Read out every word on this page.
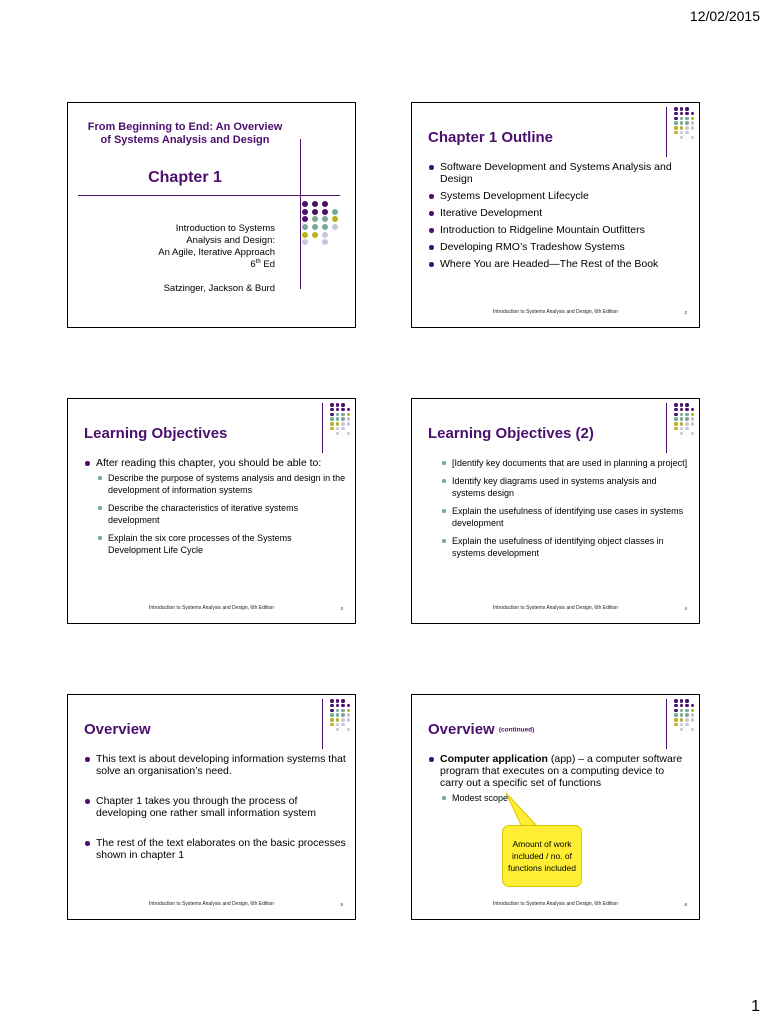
12/02/2015
From Beginning to End: An Overview
of Systems Analysis and Design
Chapter 1
Introduction to Systems
Analysis and Design:
An Agile, Iterative Approach
6th Ed
Satzinger, Jackson & Burd
Chapter 1 Outline
Software Development and Systems Analysis and Design
Systems Development Lifecycle
Iterative Development
Introduction to Ridgeline Mountain Outfitters
Developing RMO’s Tradeshow Systems
Where You are Headed—The Rest of the Book
Introduction to Systems Analysis and Design, 6th Edition	2
Learning Objectives
After reading this chapter, you should be able to:
Describe the purpose of systems analysis and design in the development of information systems
Describe the characteristics of iterative systems development
Explain the six core processes of the Systems Development Life Cycle
Introduction to Systems Analysis and Design, 6th Edition	3
Learning Objectives (2)
[Identify key documents that are used in planning a project]
Identify key diagrams used in systems analysis and systems design
Explain the usefulness of identifying use cases in systems development
Explain the usefulness of identifying object classes in systems development
Introduction to Systems Analysis and Design, 6th Edition	4
Overview
This text is about developing information systems that solve an organisation’s need.
Chapter 1 takes you through the process of developing one rather small information system
The rest of the text elaborates on the basic processes shown in chapter 1
Introduction to Systems Analysis and Design, 6th Edition	5
Overview (continued)
Computer application (app) – a computer software program that executes on a computing device to carry out a specific set of functions
Modest scope
Amount of work included / no. of functions included
Introduction to Systems Analysis and Design, 6th Edition	6
1
